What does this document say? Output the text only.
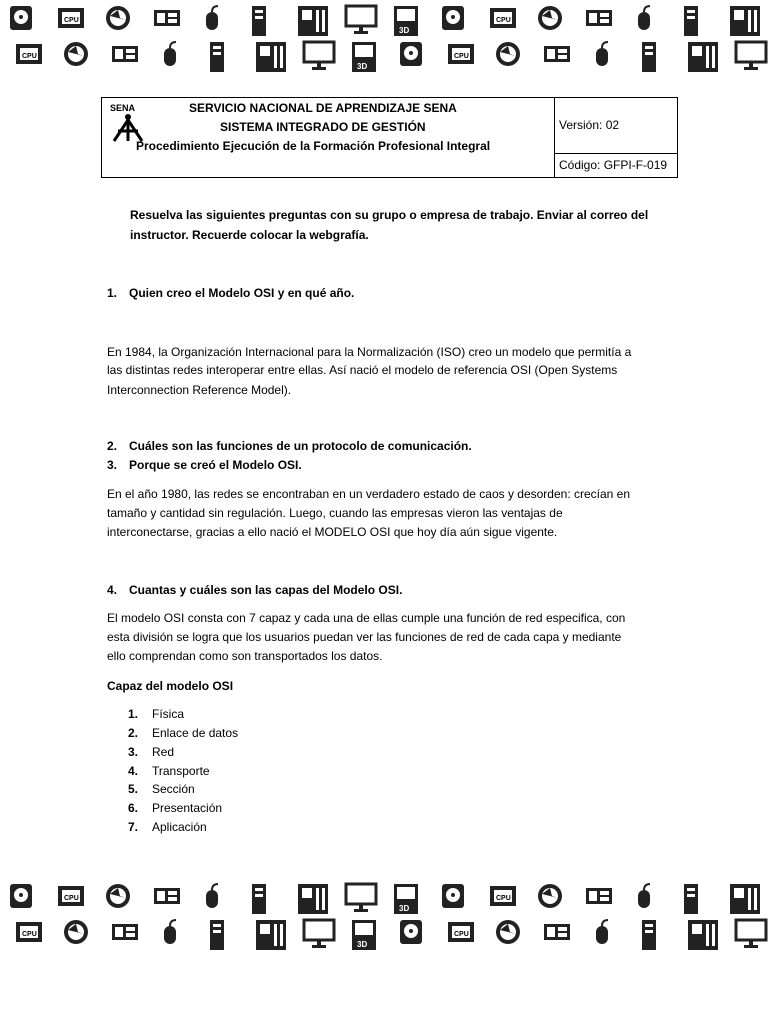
CPU
3D
CPU
CPU
3D
CPU
SENA	SERVICIO NACIONAL DE APRENDIZAJE SENA
SISTEMA INTEGRADO DE GESTIÓN
Procedimiento Ejecución de la Formación Profesional Integral
Versión: 02
Código: GFPI-F-019
Resuelva las siguientes preguntas con su grupo o empresa de trabajo. Enviar al correo del
instructor. Recuerde colocar la webgrafía.
1. Quien creo el Modelo OSI y en qué año.
En 1984, la Organización Internacional para la Normalización (ISO) creo un modelo que permitía a
las distintas redes interoperar entre ellas. Así nació el modelo de referencia OSI (Open Systems
Interconnection Reference Model).
2. Cuáles son las funciones de un protocolo de comunicación.
3. Porque se creó el Modelo OSI.
En el año 1980, las redes se encontraban en un verdadero estado de caos y desorden: crecían en
tamaño y cantidad sin regulación. Luego, cuando las empresas vieron las ventajas de
interconectarse, gracias a ello nació el MODELO OSI que hoy día aún sigue vigente.
4. Cuantas y cuáles son las capas del Modelo OSI.
El modelo OSI consta con 7 capaz y cada una de ellas cumple una función de red especifica, con
esta división se logra que los usuarios puedan ver las funciones de red de cada capa y mediante
ello comprendan como son transportados los datos.
Capaz del modelo OSI
1. Física
2. Enlace de datos
3. Red
4. Transporte
5. Sección
6. Presentación
7. Aplicación
CPU
3D
CPU
CPU
3D
CPU
